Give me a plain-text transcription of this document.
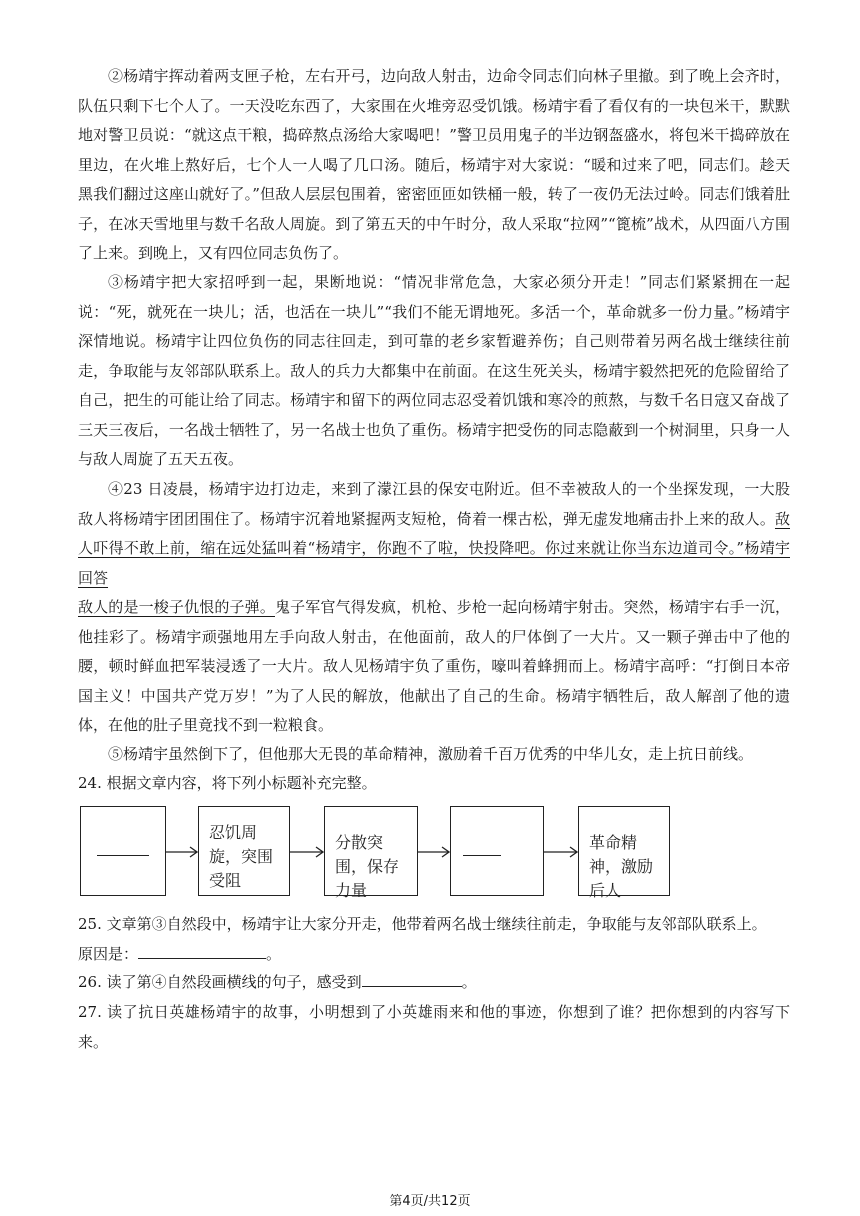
②杨靖宇挥动着两支匣子枪，左右开弓，边向敌人射击，边命令同志们向林子里撤。到了晚上会齐时，队伍只剩下七个人了。一天没吃东西了，大家围在火堆旁忍受饥饿。杨靖宇看了看仅有的一块包米干，默默地对警卫员说：“就这点干粮，捣碎熬点汤给大家喝吧！”警卫员用鬼子的半边钢盔盛水，将包米干捣碎放在里边，在火堆上熬好后，七个人一人喝了几口汤。随后，杨靖宇对大家说：“暖和过来了吧，同志们。趁天黑我们翻过这座山就好了。”但敌人层层包围着，密密匝匝如铁桶一般，转了一夜仍无法过岭。同志们饿着肚子，在冰天雪地里与数千名敌人周旋。到了第五天的中午时分，敌人采取“拉网”“篦梳”战术，从四面八方围了上来。到晚上，又有四位同志负伤了。

③杨靖宇把大家招呼到一起，果断地说：“情况非常危急，大家必须分开走！”同志们紧紧拥在一起说：“死，就死在一块儿；活，也活在一块儿”“我们不能无谓地死。多活一个，革命就多一份力量。”杨靖宇深情地说。杨靖宇让四位负伤的同志往回走，到可靠的老乡家暂避养伤；自己则带着另两名战士继续往前走，争取能与友邻部队联系上。敌人的兵力大都集中在前面。在这生死关头，杨靖宇毅然把死的危险留给了自己，把生的可能让给了同志。杨靖宇和留下的两位同志忍受着饥饿和寒冷的煎熬，与数千名日寇又奋战了三天三夜后，一名战士牺牲了，另一名战士也负了重伤。杨靖宇把受伤的同志隐蔽到一个树洞里，只身一人与敌人周旋了五天五夜。

④23 日凌晨，杨靖宇边打边走，来到了濛江县的保安屯附近。但不幸被敌人的一个坐探发现，一大股敌人将杨靖宇团团围住了。杨靖宇沉着地紧握两支短枪，倚着一棵古松，弹无虚发地痛击扑上来的敌人。敌人吓得不敢上前，缩在远处猛叫着“杨靖宇，你跑不了啦，快投降吧。你过来就让你当东边道司令。”杨靖宇回答
敌人的是一梭子仇恨的子弹。鬼子军官气得发疯，机枪、步枪一起向杨靖宇射击。突然，杨靖宇右手一沉，他挂彩了。杨靖宇顽强地用左手向敌人射击，在他面前，敌人的尸体倒了一大片。又一颗子弹击中了他的腰，顿时鲜血把军装浸透了一大片。敌人见杨靖宇负了重伤，嚎叫着蜂拥而上。杨靖宇高呼：“打倒日本帝国主义！中国共产党万岁！”为了人民的解放，他献出了自己的生命。杨靖宇牺牲后，敌人解剖了他的遗体，在他的肚子里竟找不到一粒粮食。

⑤杨靖宇虽然倒下了，但他那大无畏的革命精神，激励着千百万优秀的中华儿女，走上抗日前线。

24. 根据文章内容，将下列小标题补充完整。

忍饥周旋，突围受阻
分散突围，保存力量
革命精神，激励后人

25. 文章第③自然段中，杨靖宇让大家分开走，他带着两名战士继续往前走，争取能与友邻部队联系上。
原因是：	。

26. 读了第④自然段画横线的句子，感受到	。

27. 读了抗日英雄杨靖宇的故事，小明想到了小英雄雨来和他的事迹，你想到了谁？把你想到的内容写下来。

第4页/共12页
